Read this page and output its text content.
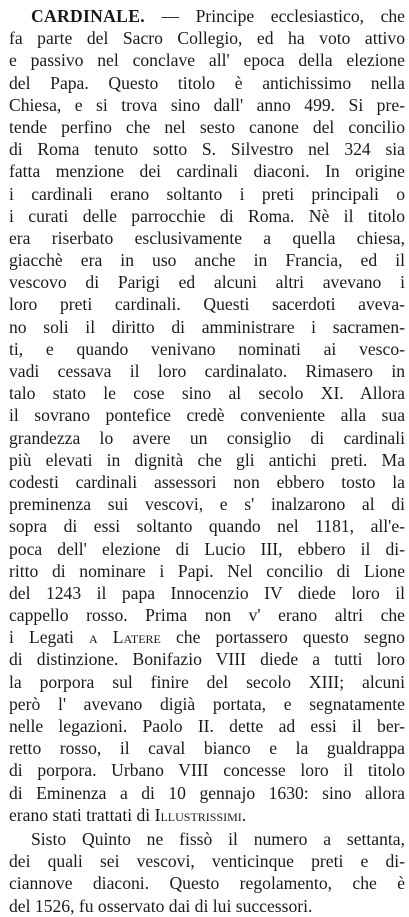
CARDINALE. — Principe ecclesiastico, che
fa parte del Sacro Collegio, ed ha voto attivo
e passivo nel conclave all' epoca della elezione
del Papa. Questo titolo è antichissimo nella
Chiesa, e si trova sino dall' anno 499. Si pre-
tende perfino che nel sesto canone del concilio
di Roma tenuto sotto S. Silvestro nel 324 sia
fatta menzione dei cardinali diaconi. In origine
i cardinali erano soltanto i preti principali o
i curati delle parrocchie di Roma. Nè il titolo
era riserbato esclusivamente a quella chiesa,
giacchè era in uso anche in Francia, ed il
vescovo di Parigi ed alcuni altri avevano i
loro preti cardinali. Questi sacerdoti aveva-
no soli il diritto di amministrare i sacramen-
ti, e quando venivano nominati ai vesco-
vadi cessava il loro cardinalato. Rimasero in
talo stato le cose sino al secolo XI. Allora
il sovrano pontefice credè conveniente alla sua
grandezza lo avere un consiglio di cardinali
più elevati in dignità che gli antichi preti. Ma
codesti cardinali assessori non ebbero tosto la
preminenza sui vescovi, e s' inalzarono al di
sopra di essi soltanto quando nel 1181, all'e-
poca dell' elezione di Lucio III, ebbero il di-
ritto di nominare i Papi. Nel concilio di Lione
del 1243 il papa Innocenzio IV diede loro il
cappello rosso. Prima non v' erano altri che
i Legati a Latere che portassero questo segno
di distinzione. Bonifazio VIII diede a tutti loro
la porpora sul finire del secolo XIII; alcuni
però l' avevano digià portata, e segnatamente
nelle legazioni. Paolo II. dette ad essi il ber-
retto rosso, il caval bianco e la gualdrappa
di porpora. Urbano VIII concesse loro il titolo
di Eminenza a di 10 gennajo 1630: sino allora
erano stati trattati di Illustrissimi.
Sisto Quinto ne fissò il numero a settanta,
dei quali sei vescovi, venticinque preti e di-
ciannove diaconi. Questo regolamento, che è
del 1526, fu osservato dai di lui successori.
